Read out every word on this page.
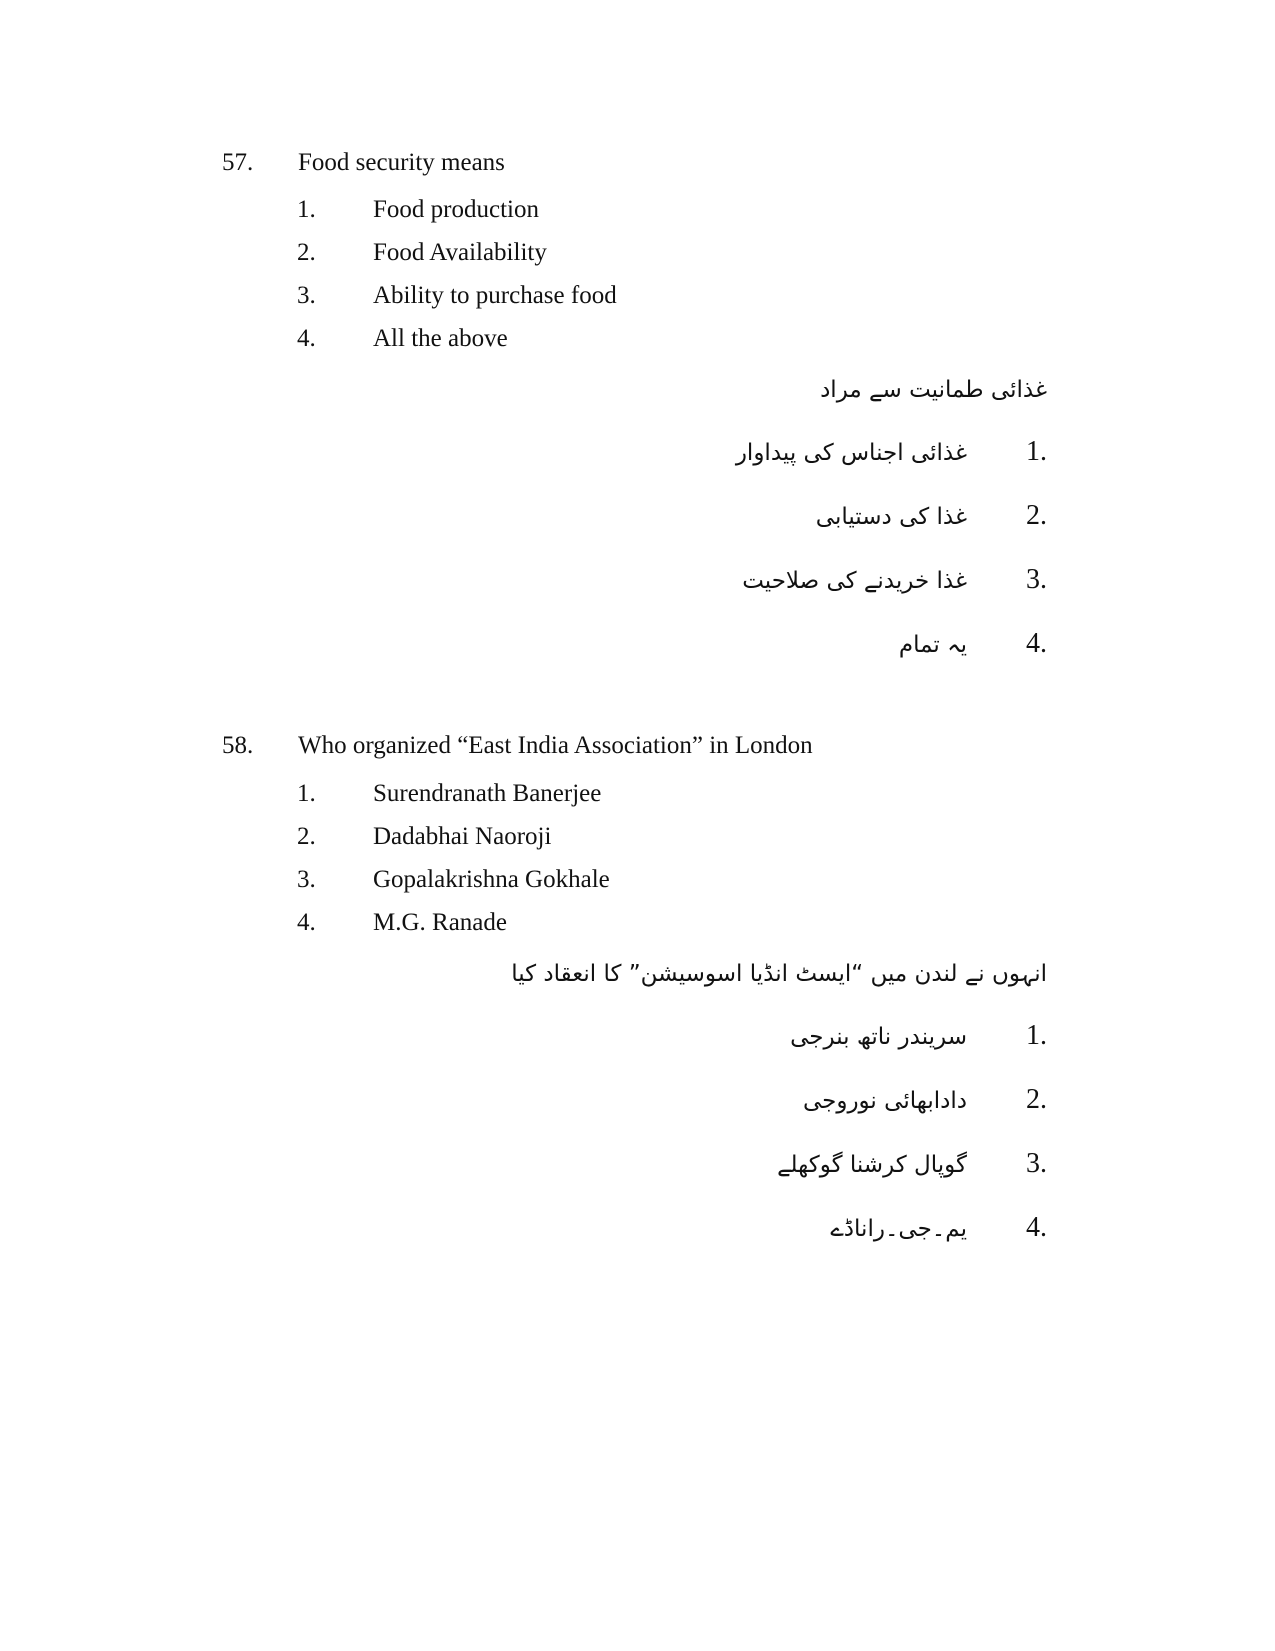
57. Food security means
1. Food production
2. Food Availability
3. Ability to purchase food
4. All the above
غذائی طمانیت سے مراد
غذائی اجناس کی پیداوار	1.
غذا کی دستیابی	2.
غذا خریدنے کی صلاحیت	3.
یہ تمام	4.
58. Who organized “East India Association” in London
1. Surendranath Banerjee
2. Dadabhai Naoroji
3. Gopalakrishna Gokhale
4. M.G. Ranade
انہوں نے لندن میں “ایسٹ انڈیا اسوسیشن” کا انعقاد کیا
سریندر ناتھ بنرجی	1.
دادابھائی نوروجی	2.
گوپال کرشنا گوکھلے	3.
یم۔جی۔راناڈے	4.
